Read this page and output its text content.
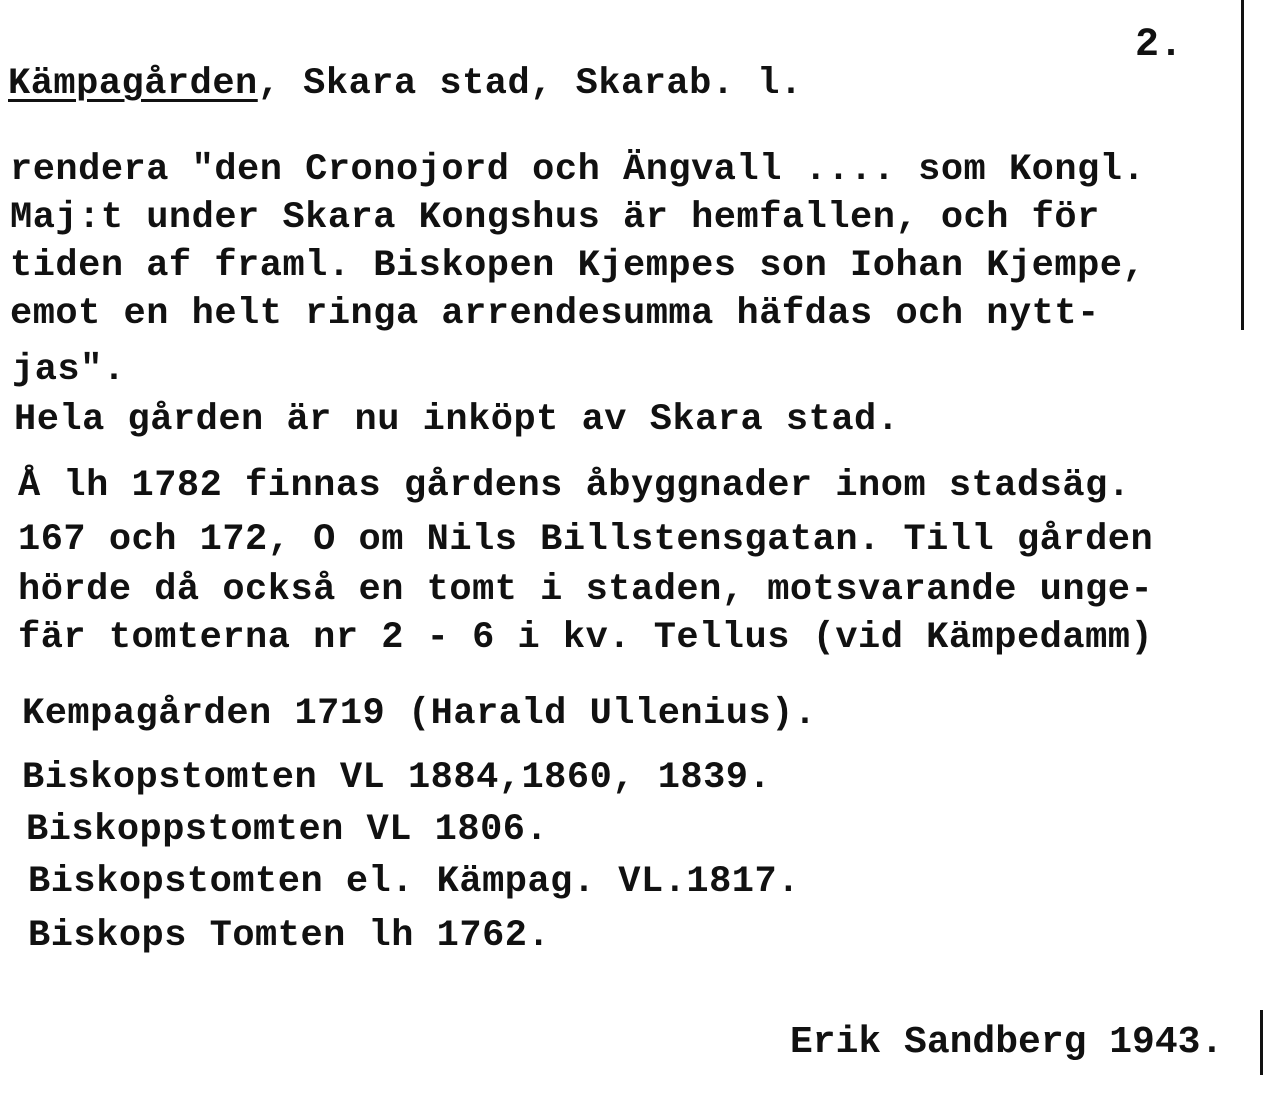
2.
Kämpagården, Skara stad, Skarab. l.
rendera "den Cronojord och Ängvall .... som Kongl.
Maj:t under Skara Kongshus är hemfallen, och för
tiden af framl. Biskopen Kjempes son Iohan Kjempe,
emot en helt ringa arrendesumma häfdas och nytt-
jas".
Hela gården är nu inköpt av Skara stad.
Å lh 1782 finnas gårdens åbyggnader inom stadsäg.
167 och 172, O om Nils Billstensgatan. Till gården
hörde då också en tomt i staden, motsvarande unge-
fär tomterna nr 2 - 6 i kv. Tellus (vid Kämpedamm)
Kempagården 1719 (Harald Ullenius).
Biskopstomten VL 1884,1860, 1839.
Biskoppstomten VL 1806.
Biskopstomten el. Kämpag. VL.1817.
Biskops Tomten lh 1762.
Erik Sandberg 1943.
